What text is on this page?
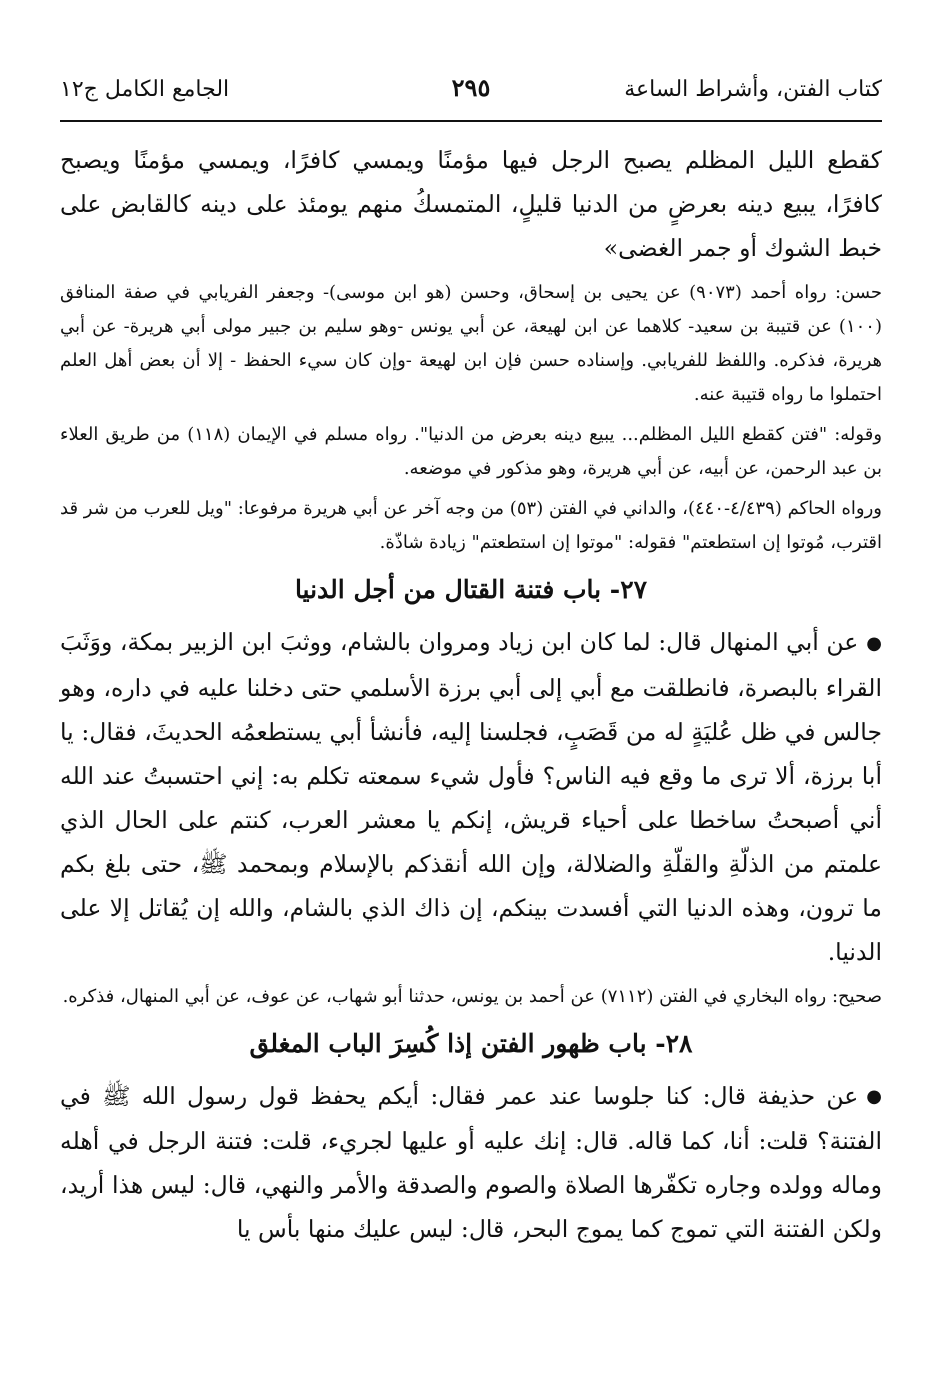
كتاب الفتن، وأشراط الساعة
٢٩٥
الجامع الكامل ج١٢

كقطع الليل المظلم يصبح الرجل فيها مؤمنًا ويمسي كافرًا، ويمسي مؤمنًا ويصبح كافرًا، يبيع دينه بعرضٍ من الدنيا قليلٍ، المتمسكُ منهم يومئذ على دينه كالقابض على خبط الشوك أو جمر الغضى»

حسن: رواه أحمد (٩٠٧٣) عن يحيى بن إسحاق، وحسن (هو ابن موسى)- وجعفر الفريابي في صفة المنافق (١٠٠) عن قتيبة بن سعيد- كلاهما عن ابن لهيعة، عن أبي يونس -وهو سليم بن جبير مولى أبي هريرة- عن أبي هريرة، فذكره. واللفظ للفريابي. وإسناده حسن فإن ابن لهيعة -وإن كان سيء الحفظ - إلا أن بعض أهل العلم احتملوا ما رواه قتيبة عنه.

وقوله: "فتن كقطع الليل المظلم... يبيع دينه بعرض من الدنيا". رواه مسلم في الإيمان (١١٨) من طريق العلاء بن عبد الرحمن، عن أبيه، عن أبي هريرة، وهو مذكور في موضعه.

ورواه الحاكم (٤/٤٣٩-٤٤٠)، والداني في الفتن (٥٣) من وجه آخر عن أبي هريرة مرفوعا: "ويل للعرب من شر قد اقترب، مُوتوا إن استطعتم" فقوله: "موتوا إن استطعتم" زيادة شاذّة.

٢٧- باب فتنة القتال من أجل الدنيا

●عن أبي المنهال قال: لما كان ابن زياد ومروان بالشام، ووثبَ ابن الزبير بمكة، ووَثَبَ القراء بالبصرة، فانطلقت مع أبي إلى أبي برزة الأسلمي حتى دخلنا عليه في داره، وهو جالس في ظل عُليَةٍ له من قَصَبٍ، فجلسنا إليه، فأنشأ أبي يستطعمُه الحديثَ، فقال: يا أبا برزة، ألا ترى ما وقع فيه الناس؟ فأول شيء سمعته تكلم به: إني احتسبتُ عند الله أني أصبحتُ ساخطا على أحياء قريش، إنكم يا معشر العرب، كنتم على الحال الذي علمتم من الذلّةِ والقلّةِ والضلالة، وإن الله أنقذكم بالإسلام وبمحمد ﷺ، حتى بلغ بكم ما ترون، وهذه الدنيا التي أفسدت بينكم، إن ذاك الذي بالشام، والله إن يُقاتل إلا على الدنيا.

صحيح: رواه البخاري في الفتن (٧١١٢) عن أحمد بن يونس، حدثنا أبو شهاب، عن عوف، عن أبي المنهال، فذكره.

٢٨- باب ظهور الفتن إذا كُسِرَ الباب المغلق

●عن حذيفة قال: كنا جلوسا عند عمر فقال: أيكم يحفظ قول رسول الله ﷺ في الفتنة؟ قلت: أنا، كما قاله. قال: إنك عليه أو عليها لجريء، قلت: فتنة الرجل في أهله وماله وولده وجاره تكفّرها الصلاة والصوم والصدقة والأمر والنهي، قال: ليس هذا أريد، ولكن الفتنة التي تموج كما يموج البحر، قال: ليس عليك منها بأس يا
